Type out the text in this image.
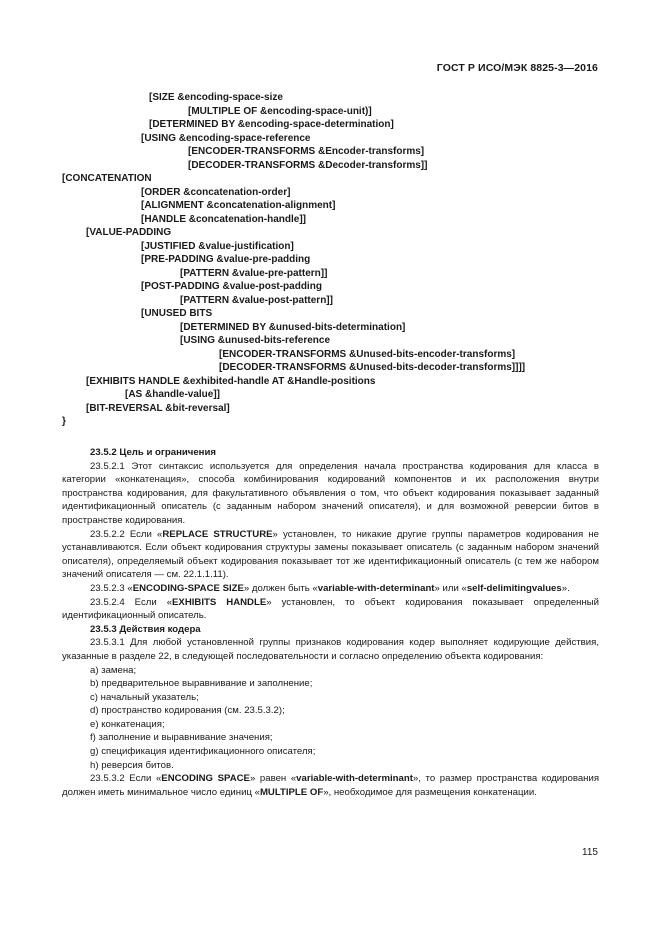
ГОСТ Р ИСО/МЭК 8825-3—2016
[SIZE &encoding-space-size
[MULTIPLE OF &encoding-space-unit)]
[DETERMINED BY &encoding-space-determination]
[USING &encoding-space-reference
[ENCODER-TRANSFORMS &Encoder-transforms]
[DECODER-TRANSFORMS &Decoder-transforms]]
[CONCATENATION
[ORDER &concatenation-order]
[ALIGNMENT &concatenation-alignment]
[HANDLE &concatenation-handle]]
[VALUE-PADDING
[JUSTIFIED &value-justification]
[PRE-PADDING &value-pre-padding
[PATTERN &value-pre-pattern]]
[POST-PADDING &value-post-padding
[PATTERN &value-post-pattern]]
[UNUSED BITS
[DETERMINED BY &unused-bits-determination]
[USING &unused-bits-reference
[ENCODER-TRANSFORMS &Unused-bits-encoder-transforms]
[DECODER-TRANSFORMS &Unused-bits-decoder-transforms]]]]
[EXHIBITS HANDLE &exhibited-handle AT &Handle-positions
[AS &handle-value]]
[BIT-REVERSAL &bit-reversal]
}

23.5.2 Цель и ограничения

23.5.2.1 Этот синтаксис используется для определения начала пространства кодирования для класса в категории «конкатенация», способа комбинирования кодирований компонентов и их расположения внутри пространства кодирования, для факультативного объявления о том, что объект кодирования показывает заданный идентификационный описатель (с заданным набором значений описателя), и для возможной реверсии битов в пространстве кодирования.

23.5.2.2 Если «REPLACE STRUCTURE» установлен, то никакие другие группы параметров кодирования не устанавливаются. Если объект кодирования структуры замены показывает описатель (с заданным набором значений описателя), определяемый объект кодирования показывает тот же идентификационный описатель (с тем же набором значений описателя — см. 22.1.1.11).

23.5.2.3 «ENCODING-SPACE SIZE» должен быть «variable-with-determinant» или «self-delimitingvalues».

23.5.2.4 Если «EXHIBITS HANDLE» установлен, то объект кодирования показывает определенный идентификационный описатель.

23.5.3 Действия кодера

23.5.3.1 Для любой установленной группы признаков кодирования кодер выполняет кодирующие действия, указанные в разделе 22, в следующей последовательности и согласно определению объекта кодирования:

a) замена;

b) предварительное выравнивание и заполнение;

c) начальный указатель;

d) пространство кодирования (см. 23.5.3.2);

e) конкатенация;

f) заполнение и выравнивание значения;

g) спецификация идентификационного описателя;

h) реверсия битов.

23.5.3.2 Если «ENCODING SPACE» равен «variable-with-determinant», то размер пространства кодирования должен иметь минимальное число единиц «MULTIPLE OF», необходимое для размещения конкатенации.

115
